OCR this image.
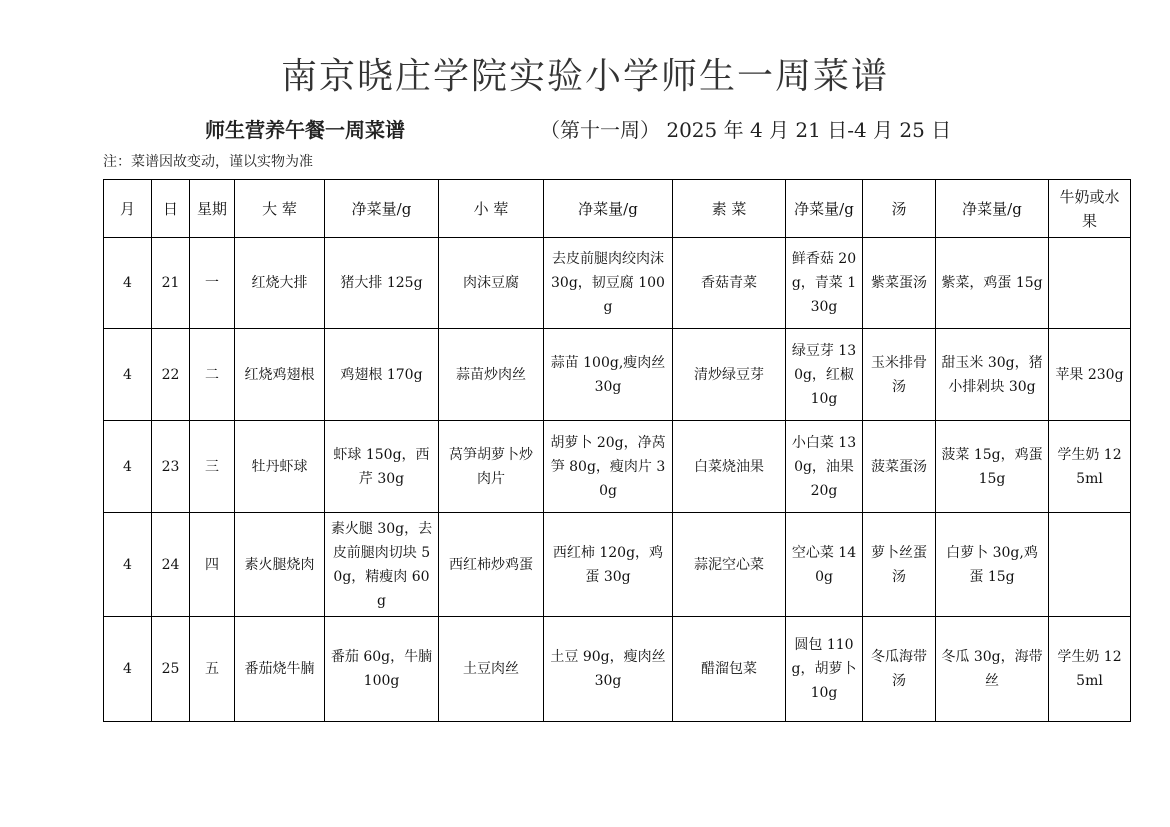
南京晓庄学院实验小学师生一周菜谱
师生营养午餐一周菜谱	（第十一周） 2025 年 4 月 21 日-4 月 25 日
注：菜谱因故变动，谨以实物为准
月	日	星期	大 荤	净菜量/g	小 荤	净菜量/g	素 菜	净菜量/g	汤	净菜量/g	牛奶或水果
4	21	一	红烧大排	猪大排 125g	肉沫豆腐	去皮前腿肉绞肉沫 30g，韧豆腐 100g	香菇青菜	鲜香菇 20g，青菜 130g	紫菜蛋汤	紫菜，鸡蛋 15g	
4	22	二	红烧鸡翅根	鸡翅根 170g	蒜苗炒肉丝	蒜苗 100g,瘦肉丝 30g	清炒绿豆芽	绿豆芽 130g，红椒 10g	玉米排骨汤	甜玉米 30g，猪小排剁块 30g	苹果 230g
4	23	三	牡丹虾球	虾球 150g，西芹 30g	莴笋胡萝卜炒肉片	胡萝卜 20g，净莴笋 80g，瘦肉片 30g	白菜烧油果	小白菜 130g，油果 20g	菠菜蛋汤	菠菜 15g，鸡蛋 15g	学生奶 125ml
4	24	四	素火腿烧肉	素火腿 30g，去皮前腿肉切块 50g，精瘦肉 60g	西红柿炒鸡蛋	西红柿 120g，鸡蛋 30g	蒜泥空心菜	空心菜 140g	萝卜丝蛋汤	白萝卜 30g,鸡蛋 15g	
4	25	五	番茄烧牛腩	番茄 60g，牛腩 100g	土豆肉丝	土豆 90g，瘦肉丝 30g	醋溜包菜	圆包 110g，胡萝卜 10g	冬瓜海带汤	冬瓜 30g，海带丝	学生奶 125ml
